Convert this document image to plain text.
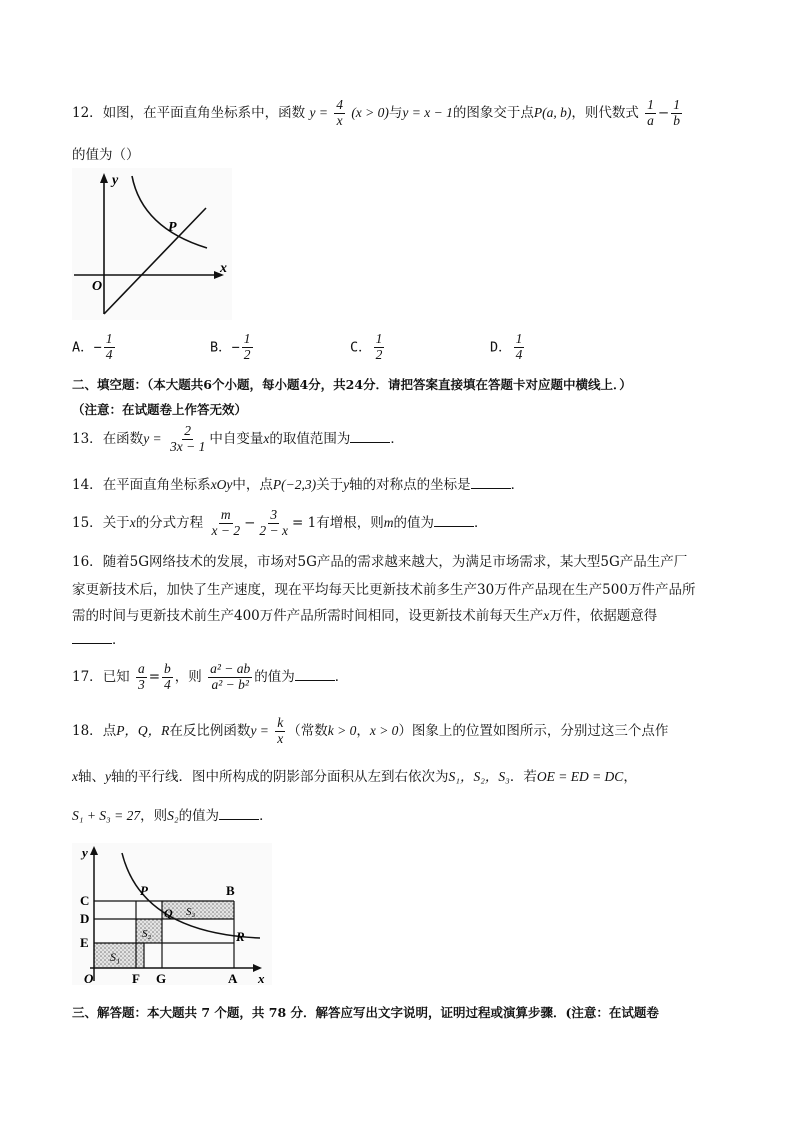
12．如图，在平面直角坐标系中，函数 $y = \frac{4}{x} (x > 0)$与y = x − 1的图象交于点P(a, b)，则代数式 $\frac{1}{a} - \frac{1}{b}$
的值为（）
y
x
O
P
A．− $\frac{1}{4}$	B．− $\frac{1}{2}$	C． $\frac{1}{2}$	D． $\frac{1}{4}$
二、填空题：（本大题共6个小题，每小题4分，共24分．请把答案直接填在答题卡对应题中横线上．）
（注意：在试题卷上作答无效）
13．在函数$y = \frac{2}{3x - 1}$ 中自变量x的取值范围为	．
14．在平面直角坐标系xOy中，点P(−2,3)关于y轴的对称点的坐标是	．
15．关于x的分式方程 $\frac{m}{x - 2} - \frac{3}{2 - x} = 1$有增根，则m的值为	．
16．随着5G网络技术的发展，市场对5G产品的需求越来越大，为满足市场需求，某大型5G产品生产厂
家更新技术后，加快了生产速度，现在平均每天比更新技术前多生产30万件产品现在生产500万件产品所
需的时间与更新技术前生产400万件产品所需时间相同，设更新技术前每天生产x万件，依据题意得
．
17．已知 $\frac{a}{3} = \frac{b}{4}$ ，则 $\frac{\text{a² − ab}}{\text{a² − b²}}$ 的值为	．
18．点P，Q，R在反比例函数$y = \frac{k}{x}$ （常数k > 0，x > 0）图象上的位置如图所示，分别过这三个点作
x轴、y轴的平行线．图中所构成的阴影部分面积从左到右依次为S₁，S₂，S₃．若OE = ED = DC，
S₁ + S₃ = 27，则S₂的值为	．
y
x
C
D
E
O	F G	A
P	B
Q
R
S₁
S₂
S₃
三、解答题：本大题共 7 个题，共 78 分．解答应写出文字说明，证明过程或演算步骤．(注意：在试题卷
